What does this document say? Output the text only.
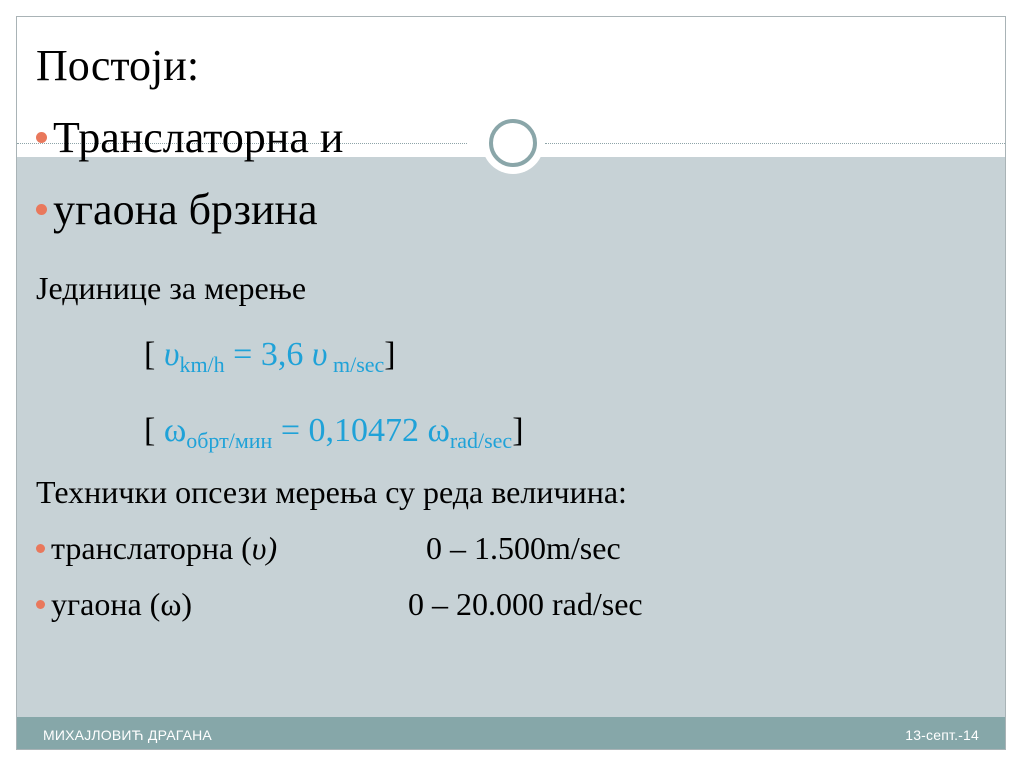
МИХАЈЛОВИЋ ДРАГАНА	13-септ.-14
Постоји:
Транслаторна и
угаона брзина
Јединице за мерење
[ $\upsilon_{km/h} = 3,6$ υ $_{m/sec}$]
[ $\omega_{обрт/мин} = 0,10472$ $\omega_{rad/sec}$]
Технички опсези мерења су реда величина:
транслаторна (υ)	0 – 1.500m/sec
угаона (ω)	0 – 20.000 rad/sec
